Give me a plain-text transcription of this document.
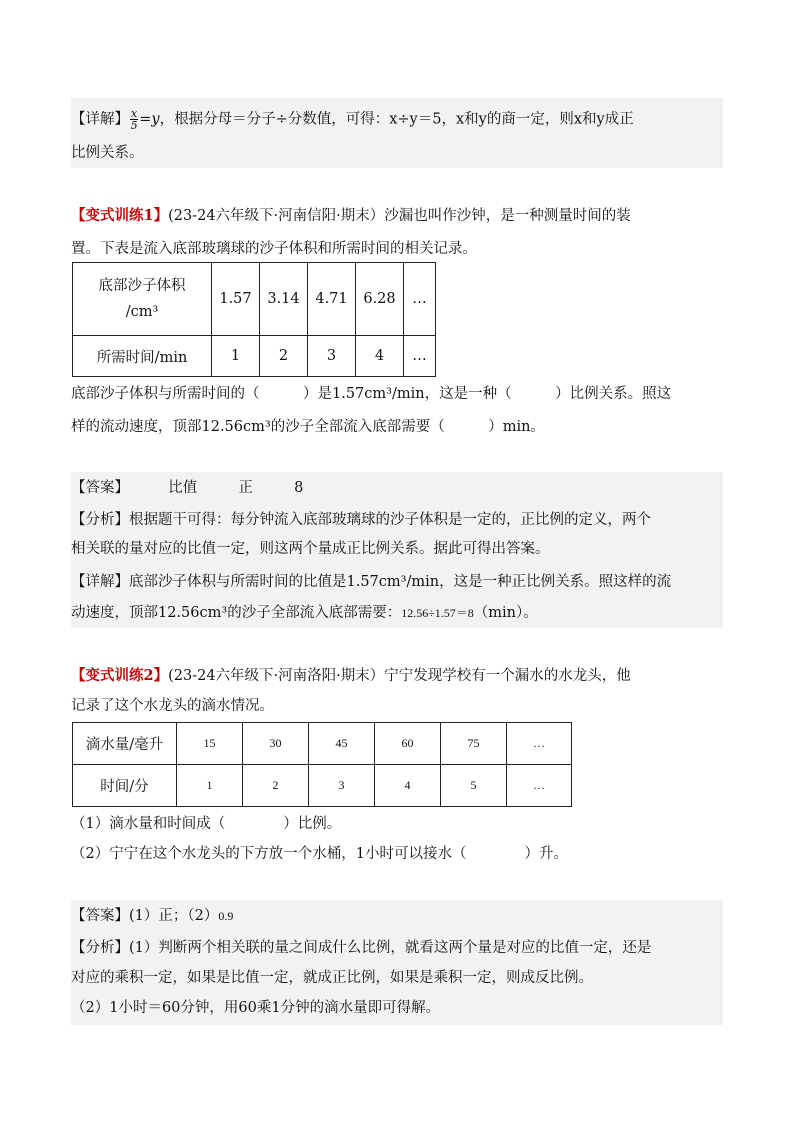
【详解】 $\frac{x}{5} =y$，根据分母＝分子÷分数值，可得：x÷y＝5，x和y的商一定，则x和y成正
比例关系。
【变式训练1】(23-24六年级下·河南信阳·期末）沙漏也叫作沙钟，是一种测量时间的装
置。下表是流入底部玻璃球的沙子体积和所需时间的相关记录。
底部沙子体积
/cm³	1.57	3.14	4.71	6.28	…
所需时间/min	1	2	3	4	…
底部沙子体积与所需时间的（　　　）是1.57cm³/min，这是一种（　　　）比例关系。照这
样的流动速度，顶部12.56cm³的沙子全部流入底部需要（　　　）min。
【答案】	比值	正	8
【分析】根据题干可得：每分钟流入底部玻璃球的沙子体积是一定的，正比例的定义，两个
相关联的量对应的比值一定，则这两个量成正比例关系。据此可得出答案。
【详解】底部沙子体积与所需时间的比值是1.57cm³/min，这是一种正比例关系。照这样的流
动速度，顶部12.56cm³的沙子全部流入底部需要：12.56÷1.57＝8（min）。
【变式训练2】(23-24六年级下·河南洛阳·期末）宁宁发现学校有一个漏水的水龙头，他
记录了这个水龙头的滴水情况。
滴水量/毫升	15	30	45	60	75	…
时间/分	1	2	3	4	5	…
（1）滴水量和时间成（　　　　）比例。
（2）宁宁在这个水龙头的下方放一个水桶，1小时可以接水（　　　　）升。
【答案】(1）正；（2）0.9
【分析】(1）判断两个相关联的量之间成什么比例，就看这两个量是对应的比值一定，还是
对应的乘积一定，如果是比值一定，就成正比例，如果是乘积一定，则成反比例。
（2）1小时＝60分钟，用60乘1分钟的滴水量即可得解。
